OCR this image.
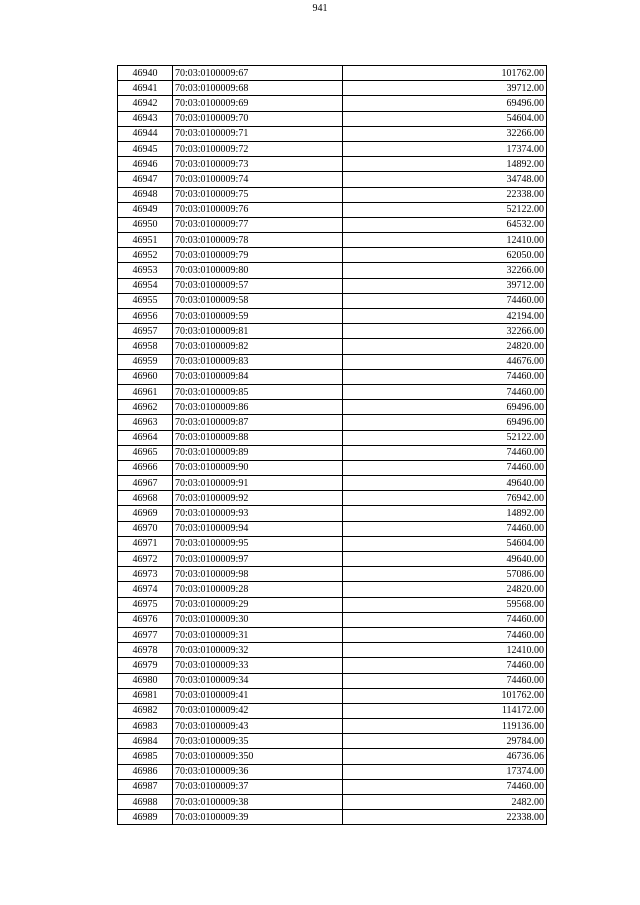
941
46940	70:03:0100009:67	101762.00
46941	70:03:0100009:68	39712.00
46942	70:03:0100009:69	69496.00
46943	70:03:0100009:70	54604.00
46944	70:03:0100009:71	32266.00
46945	70:03:0100009:72	17374.00
46946	70:03:0100009:73	14892.00
46947	70:03:0100009:74	34748.00
46948	70:03:0100009:75	22338.00
46949	70:03:0100009:76	52122.00
46950	70:03:0100009:77	64532.00
46951	70:03:0100009:78	12410.00
46952	70:03:0100009:79	62050.00
46953	70:03:0100009:80	32266.00
46954	70:03:0100009:57	39712.00
46955	70:03:0100009:58	74460.00
46956	70:03:0100009:59	42194.00
46957	70:03:0100009:81	32266.00
46958	70:03:0100009:82	24820.00
46959	70:03:0100009:83	44676.00
46960	70:03:0100009:84	74460.00
46961	70:03:0100009:85	74460.00
46962	70:03:0100009:86	69496.00
46963	70:03:0100009:87	69496.00
46964	70:03:0100009:88	52122.00
46965	70:03:0100009:89	74460.00
46966	70:03:0100009:90	74460.00
46967	70:03:0100009:91	49640.00
46968	70:03:0100009:92	76942.00
46969	70:03:0100009:93	14892.00
46970	70:03:0100009:94	74460.00
46971	70:03:0100009:95	54604.00
46972	70:03:0100009:97	49640.00
46973	70:03:0100009:98	57086.00
46974	70:03:0100009:28	24820.00
46975	70:03:0100009:29	59568.00
46976	70:03:0100009:30	74460.00
46977	70:03:0100009:31	74460.00
46978	70:03:0100009:32	12410.00
46979	70:03:0100009:33	74460.00
46980	70:03:0100009:34	74460.00
46981	70:03:0100009:41	101762.00
46982	70:03:0100009:42	114172.00
46983	70:03:0100009:43	119136.00
46984	70:03:0100009:35	29784.00
46985	70:03:0100009:350	46736.06
46986	70:03:0100009:36	17374.00
46987	70:03:0100009:37	74460.00
46988	70:03:0100009:38	2482.00
46989	70:03:0100009:39	22338.00
